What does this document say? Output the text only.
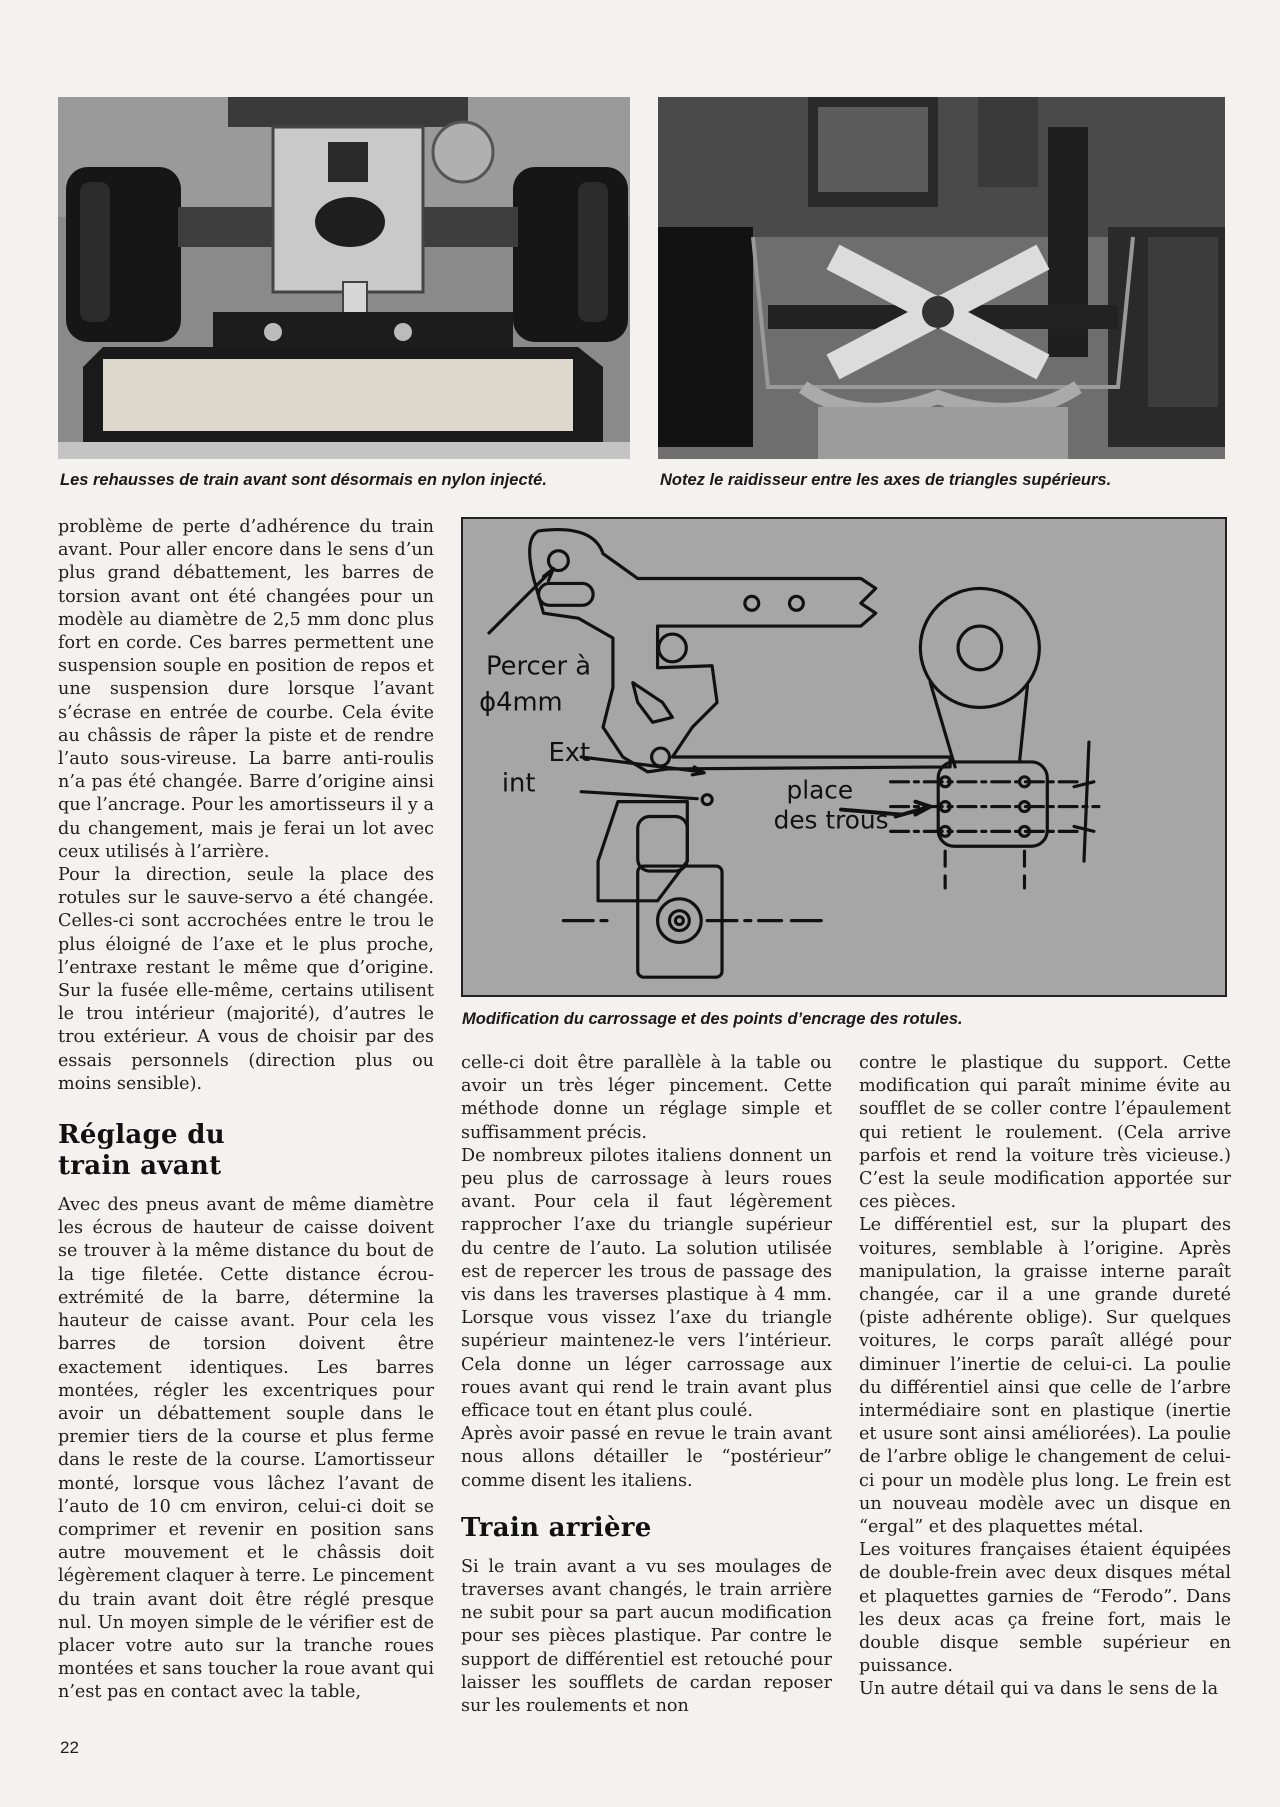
Les rehausses de train avant sont désormais en nylon injecté.	Notez le raidisseur entre les axes de triangles supérieurs.
Percer à
ϕ4mm
Ext
int	place
des trous
Modification du carrossage et des points d’encrage des rotules.

problème de perte d’adhérence du train avant. Pour aller encore dans le sens d’un plus grand débattement, les barres de torsion avant ont été changées pour un modèle au diamètre de 2,5 mm donc plus fort en corde. Ces barres permettent une suspension souple en position de repos et une suspension dure lorsque l’avant s’écrase en entrée de courbe. Cela évite au châssis de râper la piste et de rendre l’auto sous-vireuse. La barre anti-roulis n’a pas été changée. Barre d’origine ainsi que l’ancrage. Pour les amortisseurs il y a du changement, mais je ferai un lot avec ceux utilisés à l’arrière.

Pour la direction, seule la place des rotules sur le sauve-servo a été changée. Celles-ci sont accrochées entre le trou le plus éloigné de l’axe et le plus proche, l’entraxe restant le même que d’origine. Sur la fusée elle-même, certains utilisent le trou intérieur (majorité), d’autres le trou extérieur. A vous de choisir par des essais personnels (direction plus ou moins sensible).

Réglage du train avant

Avec des pneus avant de même diamètre les écrous de hauteur de caisse doivent se trouver à la même distance du bout de la tige filetée. Cette distance écrou-extrémité de la barre, détermine la hauteur de caisse avant. Pour cela les barres de torsion doivent être exactement identiques. Les barres montées, régler les excentriques pour avoir un débattement souple dans le premier tiers de la course et plus ferme dans le reste de la course. L’amortisseur monté, lorsque vous lâchez l’avant de l’auto de 10 cm environ, celui-ci doit se comprimer et revenir en position sans autre mouvement et le châssis doit légèrement claquer à terre. Le pincement du train avant doit être réglé presque nul. Un moyen simple de le vérifier est de placer votre auto sur la tranche roues montées et sans toucher la roue avant qui n’est pas en contact avec la table,

celle-ci doit être parallèle à la table ou avoir un très léger pincement. Cette méthode donne un réglage simple et suffisamment précis.

De nombreux pilotes italiens donnent un peu plus de carrossage à leurs roues avant. Pour cela il faut légèrement rapprocher l’axe du triangle supérieur du centre de l’auto. La solution utilisée est de repercer les trous de passage des vis dans les traverses plastique à 4 mm. Lorsque vous vissez l’axe du triangle supérieur maintenez-le vers l’intérieur. Cela donne un léger carrossage aux roues avant qui rend le train avant plus efficace tout en étant plus coulé.

Après avoir passé en revue le train avant nous allons détailler le “postérieur” comme disent les italiens.

Train arrière

Si le train avant a vu ses moulages de traverses avant changés, le train arrière ne subit pour sa part aucun modification pour ses pièces plastique. Par contre le support de différentiel est retouché pour laisser les soufflets de cardan reposer sur les roulements et non

contre le plastique du support. Cette modification qui paraît minime évite au soufflet de se coller contre l’épaulement qui retient le roulement. (Cela arrive parfois et rend la voiture très vicieuse.) C’est la seule modification apportée sur ces pièces.

Le différentiel est, sur la plupart des voitures, semblable à l’origine. Après manipulation, la graisse interne paraît changée, car il a une grande dureté (piste adhérente oblige). Sur quelques voitures, le corps paraît allégé pour diminuer l’inertie de celui-ci. La poulie du différentiel ainsi que celle de l’arbre intermédiaire sont en plastique (inertie et usure sont ainsi améliorées). La poulie de l’arbre oblige le changement de celui-ci pour un modèle plus long. Le frein est un nouveau modèle avec un disque en “ergal” et des plaquettes métal.

Les voitures françaises étaient équipées de double-frein avec deux disques métal et plaquettes garnies de “Ferodo”. Dans les deux acas ça freine fort, mais le double disque semble supérieur en puissance.

Un autre détail qui va dans le sens de la

22
